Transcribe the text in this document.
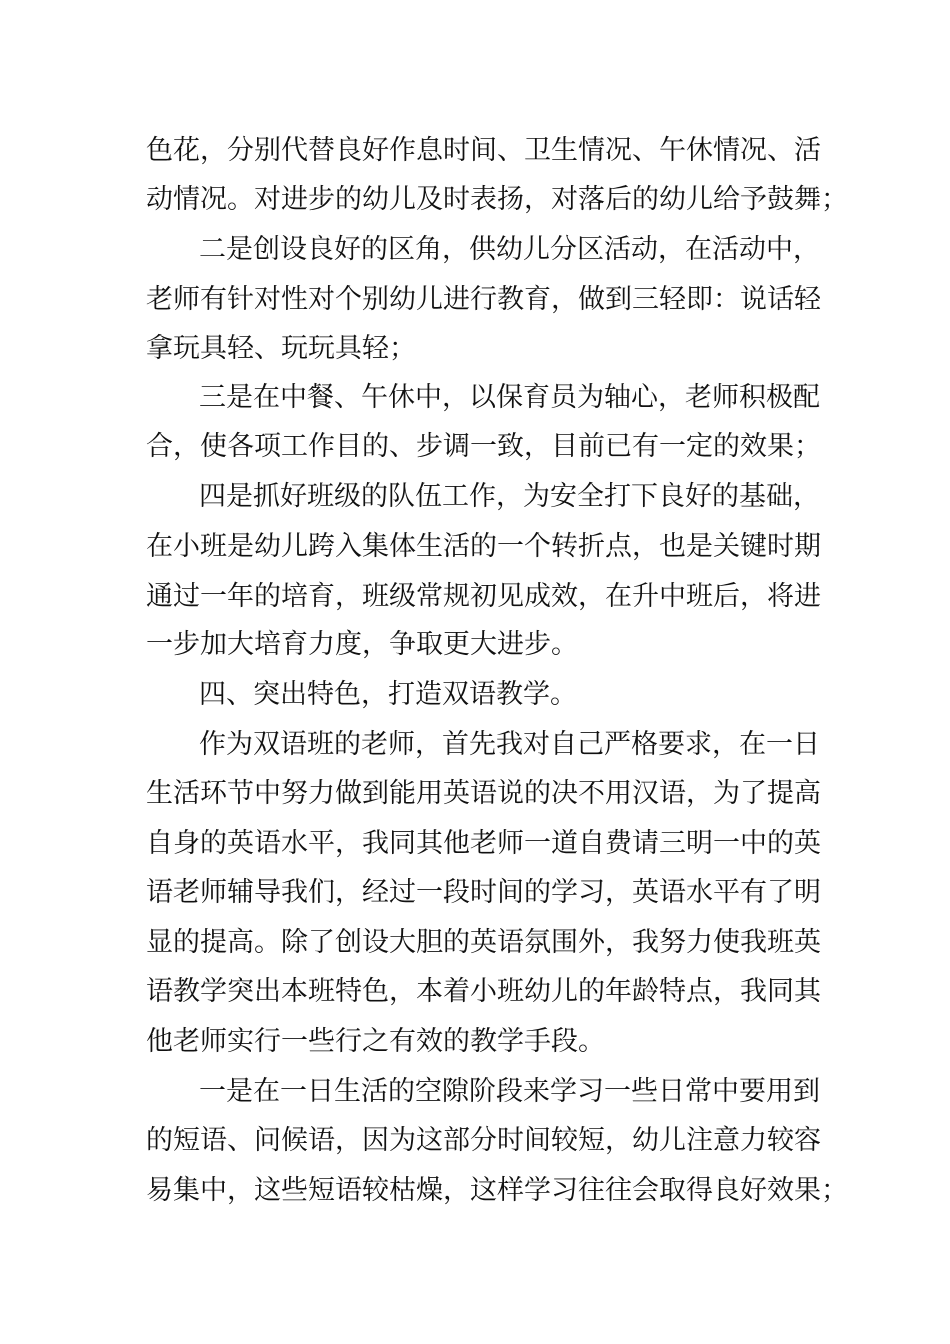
色花，分别代替良好作息时间、卫生情况、午休情况、活

动情况。对进步的幼儿及时表扬，对落后的幼儿给予鼓舞；

二是创设良好的区角，供幼儿分区活动，在活动中，

老师有针对性对个别幼儿进行教育，做到三轻即：说话轻

拿玩具轻、玩玩具轻；

三是在中餐、午休中，以保育员为轴心，老师积极配

合，使各项工作目的、步调一致，目前已有一定的效果；

四是抓好班级的队伍工作，为安全打下良好的基础，

在小班是幼儿跨入集体生活的一个转折点，也是关键时期

通过一年的培育，班级常规初见成效，在升中班后，将进

一步加大培育力度，争取更大进步。

四、突出特色，打造双语教学。

作为双语班的老师，首先我对自己严格要求，在一日

生活环节中努力做到能用英语说的决不用汉语，为了提高

自身的英语水平，我同其他老师一道自费请三明一中的英

语老师辅导我们，经过一段时间的学习，英语水平有了明

显的提高。除了创设大胆的英语氛围外，我努力使我班英

语教学突出本班特色，本着小班幼儿的年龄特点，我同其

他老师实行一些行之有效的教学手段。

一是在一日生活的空隙阶段来学习一些日常中要用到

的短语、问候语，因为这部分时间较短，幼儿注意力较容

易集中，这些短语较枯燥，这样学习往往会取得良好效果；
